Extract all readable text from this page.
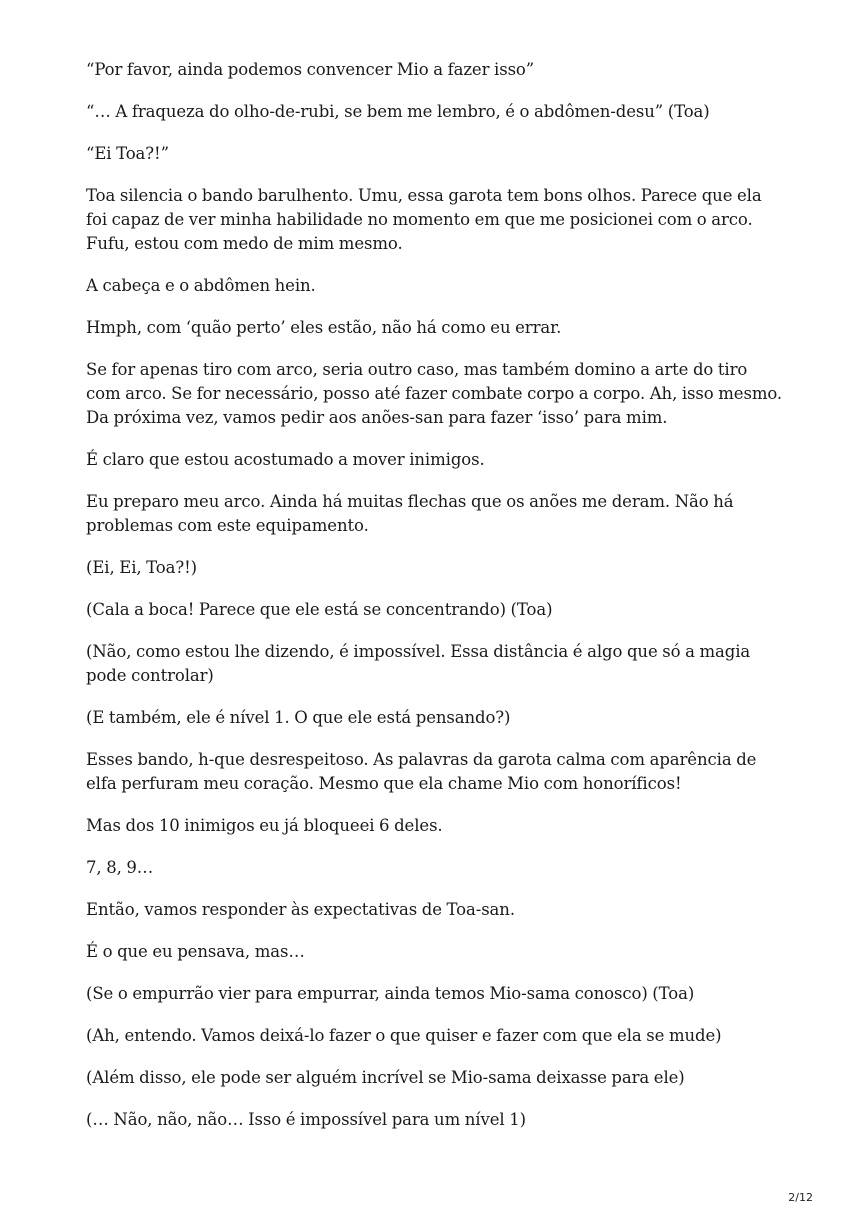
“Por favor, ainda podemos convencer Mio a fazer isso”

“… A fraqueza do olho-de-rubi, se bem me lembro, é o abdômen-desu” (Toa)

“Ei Toa?!”

Toa silencia o bando barulhento. Umu, essa garota tem bons olhos. Parece que ela foi capaz de ver minha habilidade no momento em que me posicionei com o arco. Fufu, estou com medo de mim mesmo.

A cabeça e o abdômen hein.

Hmph, com ‘quão perto’ eles estão, não há como eu errar.

Se for apenas tiro com arco, seria outro caso, mas também domino a arte do tiro com arco. Se for necessário, posso até fazer combate corpo a corpo. Ah, isso mesmo. Da próxima vez, vamos pedir aos anões-san para fazer ‘isso’ para mim.

É claro que estou acostumado a mover inimigos.

Eu preparo meu arco. Ainda há muitas flechas que os anões me deram. Não há problemas com este equipamento.

(Ei, Ei, Toa?!)

(Cala a boca! Parece que ele está se concentrando) (Toa)

(Não, como estou lhe dizendo, é impossível. Essa distância é algo que só a magia pode controlar)

(E também, ele é nível 1. O que ele está pensando?)

Esses bando, h-que desrespeitoso. As palavras da garota calma com aparência de elfa perfuram meu coração. Mesmo que ela chame Mio com honoríficos!

Mas dos 10 inimigos eu já bloqueei 6 deles.

7, 8, 9…

Então, vamos responder às expectativas de Toa-san.

É o que eu pensava, mas…

(Se o empurrão vier para empurrar, ainda temos Mio-sama conosco) (Toa)

(Ah, entendo. Vamos deixá-lo fazer o que quiser e fazer com que ela se mude)

(Além disso, ele pode ser alguém incrível se Mio-sama deixasse para ele)

(… Não, não, não… Isso é impossível para um nível 1)

2/12
